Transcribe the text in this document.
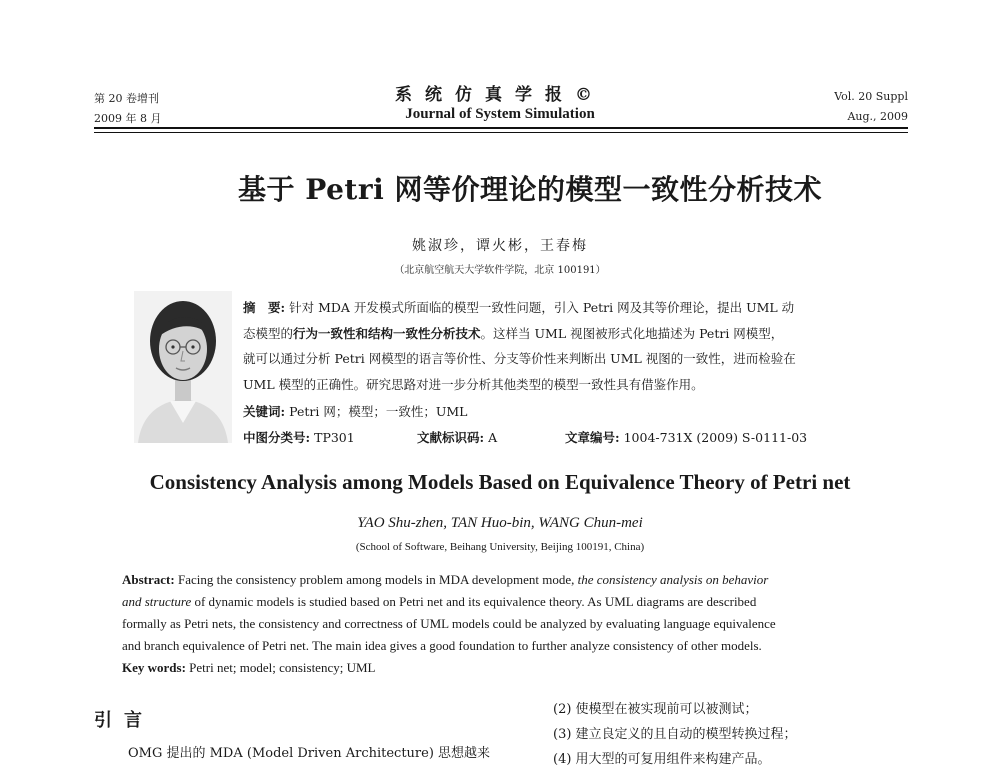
第 20 卷增刊
2009 年 8 月
系统仿真学报©
Journal of System Simulation
Vol. 20 Suppl
Aug., 2009
基于 Petri 网等价理论的模型一致性分析技术
姚淑珍，谭火彬，王春梅
（北京航空航天大学软件学院，北京 100191）
摘　要: 针对 MDA 开发模式所面临的模型一致性问题，引入 Petri 网及其等价理论，提出 UML 动
态模型的行为一致性和结构一致性分析技术。这样当 UML 视图被形式化地描述为 Petri 网模型，
就可以通过分析 Petri 网模型的语言等价性、分支等价性来判断出 UML 视图的一致性，进而检验在
UML 模型的正确性。研究思路对进一步分析其他类型的模型一致性具有借鉴作用。
关键词: Petri 网；模型；一致性；UML
中图分类号: TP301	文献标识码: A	文章编号: 1004-731X (2009) S-0111-03
Consistency Analysis among Models Based on Equivalence Theory of Petri net
YAO Shu-zhen, TAN Huo-bin, WANG Chun-mei
(School of Software, Beihang University, Beijing 100191, China)
Abstract: Facing the consistency problem among models in MDA development mode, the consistency analysis on behavior
and structure of dynamic models is studied based on Petri net and its equivalence theory. As UML diagrams are described
formally as Petri nets, the consistency and correctness of UML models could be analyzed by evaluating language equivalence
and branch equivalence of Petri net. The main idea gives a good foundation to further analyze consistency of other models.
Key words: Petri net; model; consistency; UML
引言
OMG 提出的 MDA (Model Driven Architecture) 思想越来
(2) 使模型在被实现前可以被测试；
(3) 建立良定义的且自动的模型转换过程；
(4) 用大型的可复用组件来构建产品。
